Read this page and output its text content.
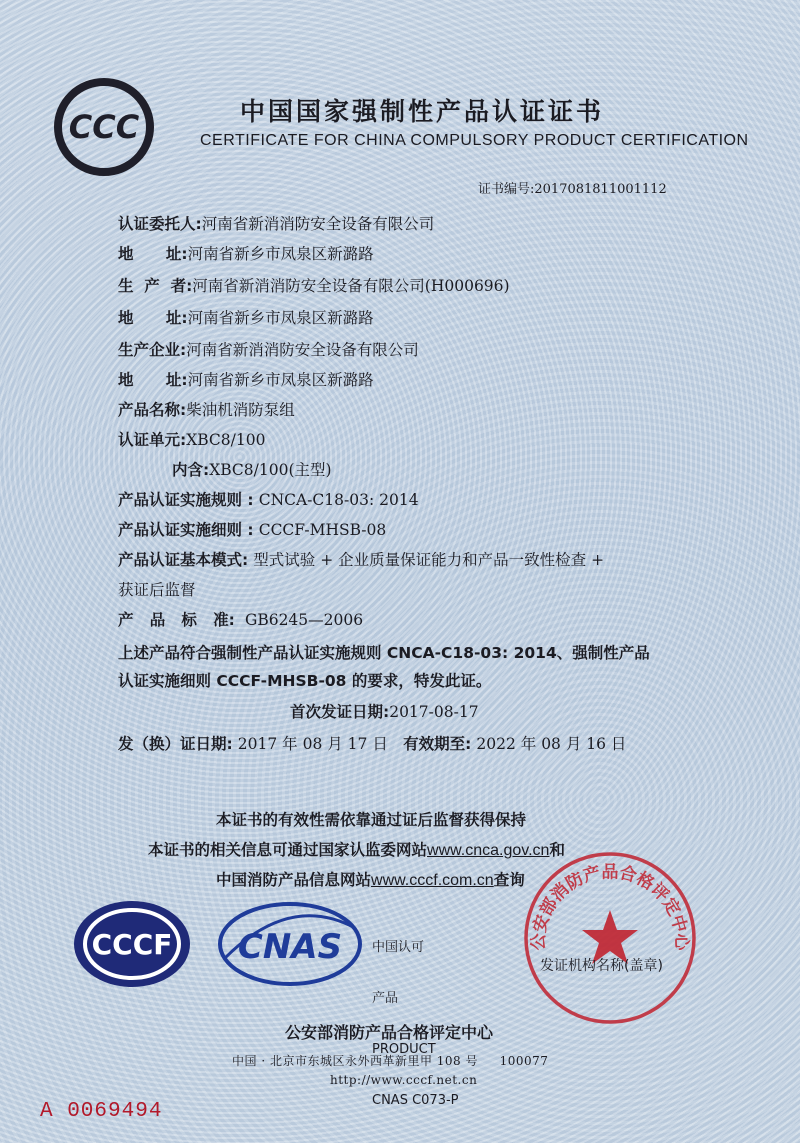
CCC	中国国家强制性产品认证证书
CERTIFICATE FOR CHINA COMPULSORY PRODUCT CERTIFICATION
证书编号:2017081811001112
认证委托人:河南省新消消防安全设备有限公司
地      址:河南省新乡市凤泉区新潞路
生  产  者:河南省新消消防安全设备有限公司(H000696)
地      址:河南省新乡市凤泉区新潞路
生产企业:河南省新消消防安全设备有限公司
地      址:河南省新乡市凤泉区新潞路
产品名称:柴油机消防泵组
认证单元:XBC8/100
内含:XBC8/100(主型)
产品认证实施规则 : CNCA-C18-03: 2014
产品认证实施细则 : CCCF-MHSB-08
产品认证基本模式: 型式试验 + 企业质量保证能力和产品一致性检查 +
获证后监督
产   品   标   准: GB6245—2006
上述产品符合强制性产品认证实施规则 CNCA-C18-03: 2014、强制性产品
认证实施细则 CCCF-MHSB-08 的要求，特发此证。
首次发证日期:2017-08-17
发（换）证日期: 2017 年 08 月 17 日 有效期至: 2022 年 08 月 16 日
本证书的有效性需依靠通过证后监督获得保持
本证书的相关信息可通过国家认监委网站www.cnca.gov.cn和
中国消防产品信息网站www.cccf.com.cn查询
CCCF CNAS

中国认可

产品

PRODUCT

CNAS C073-P

公安部消防产品合格评定中心
发证机构名称(盖章)
公安部消防产品合格评定中心
中国 · 北京市东城区永外西革新里甲 108 号 100077
http://www.cccf.net.cn
A 0069494
